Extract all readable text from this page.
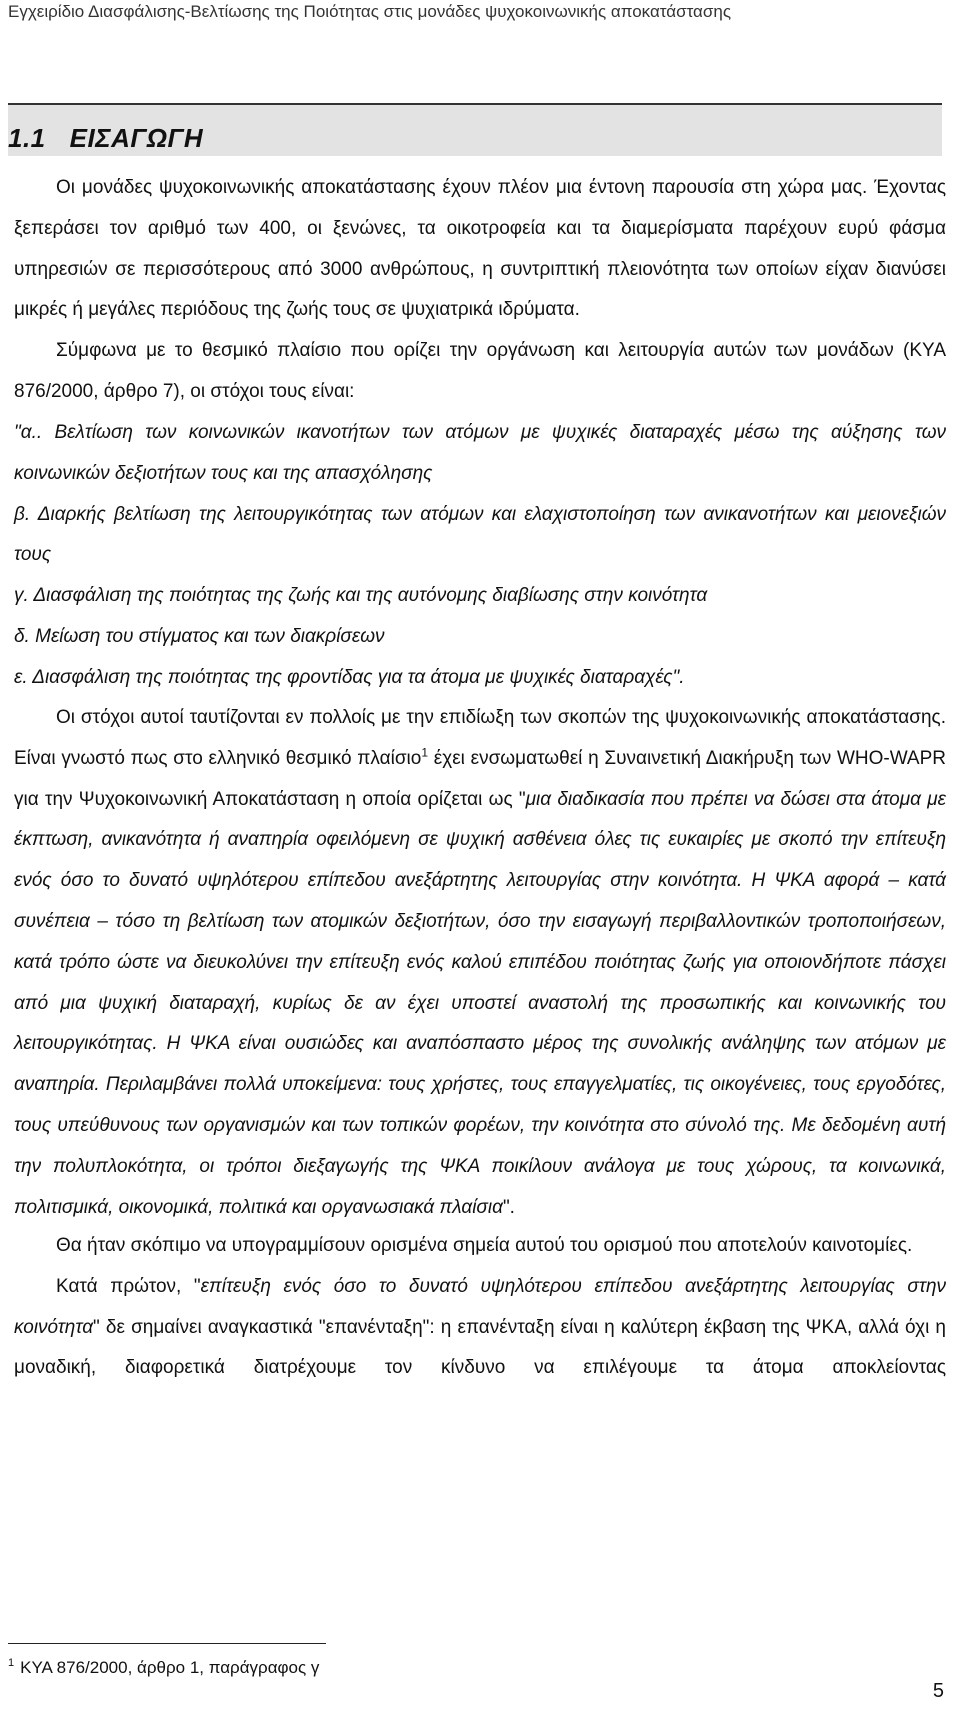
Εγχειρίδιο Διασφάλισης-Βελτίωσης της Ποιότητας στις μονάδες ψυχοκοινωνικής αποκατάστασης
1.1 ΕΙΣΑΓΩΓΗ

Οι μονάδες ψυχοκοινωνικής αποκατάστασης έχουν πλέον μια έντονη παρουσία στη χώρα μας. Έχοντας ξεπεράσει τον αριθμό των 400, οι ξενώνες, τα οικοτροφεία και τα διαμερίσματα παρέχουν ευρύ φάσμα υπηρεσιών σε περισσότερους από 3000 ανθρώπους, η συντριπτική πλειονότητα των οποίων είχαν διανύσει μικρές ή μεγάλες περιόδους της ζωής τους σε ψυχιατρικά ιδρύματα.

Σύμφωνα με το θεσμικό πλαίσιο που ορίζει την οργάνωση και λειτουργία αυτών των μονάδων (ΚΥΑ 876/2000, άρθρο 7), οι στόχοι τους είναι:

"α.. Βελτίωση των κοινωνικών ικανοτήτων των ατόμων με ψυχικές διαταραχές μέσω της αύξησης των κοινωνικών δεξιοτήτων τους και της απασχόλησης

β. Διαρκής βελτίωση της λειτουργικότητας των ατόμων και ελαχιστοποίηση των ανικανοτήτων και μειονεξιών τους

γ. Διασφάλιση της ποιότητας της ζωής και της αυτόνομης διαβίωσης στην κοινότητα

δ. Μείωση του στίγματος και των διακρίσεων

ε. Διασφάλιση της ποιότητας της φροντίδας για τα άτομα με ψυχικές διαταραχές".

Οι στόχοι αυτοί ταυτίζονται εν πολλοίς με την επιδίωξη των σκοπών της ψυχοκοινωνικής αποκατάστασης. Είναι γνωστό πως στο ελληνικό θεσμικό πλαίσιο$^1$ έχει ενσωματωθεί η Συναινετική Διακήρυξη των WHO-WAPR για την Ψυχοκοινωνική Αποκατάσταση η οποία ορίζεται ως "μια διαδικασία που πρέπει να δώσει στα άτομα με έκπτωση, ανικανότητα ή αναπηρία οφειλόμενη σε ψυχική ασθένεια όλες τις ευκαιρίες με σκοπό την επίτευξη ενός όσο το δυνατό υψηλότερου επίπεδου ανεξάρτητης λειτουργίας στην κοινότητα. Η ΨΚΑ αφορά – κατά συνέπεια – τόσο τη βελτίωση των ατομικών δεξιοτήτων, όσο την εισαγωγή περιβαλλοντικών τροποποιήσεων, κατά τρόπο ώστε να διευκολύνει την επίτευξη ενός καλού επιπέδου ποιότητας ζωής για οποιονδήποτε πάσχει από μια ψυχική διαταραχή, κυρίως δε αν έχει υποστεί αναστολή της προσωπικής και κοινωνικής του λειτουργικότητας. Η ΨΚΑ είναι ουσιώδες και αναπόσπαστο μέρος της συνολικής ανάληψης των ατόμων με αναπηρία. Περιλαμβάνει πολλά υποκείμενα: τους χρήστες, τους επαγγελματίες, τις οικογένειες, τους εργοδότες, τους υπεύθυνους των οργανισμών και των τοπικών φορέων, την κοινότητα στο σύνολό της. Με δεδομένη αυτή την πολυπλοκότητα, οι τρόποι διεξαγωγής της ΨΚΑ ποικίλουν ανάλογα με τους χώρους, τα κοινωνικά, πολιτισμικά, οικονομικά, πολιτικά και οργανωσιακά πλαίσια".

Θα ήταν σκόπιμο να υπογραμμίσουν ορισμένα σημεία αυτού του ορισμού που αποτελούν καινοτομίες.

Κατά πρώτον, "επίτευξη ενός όσο το δυνατό υψηλότερου επίπεδου ανεξάρτητης λειτουργίας στην κοινότητα" δε σημαίνει αναγκαστικά "επανένταξη": η επανένταξη είναι η καλύτερη έκβαση της ΨΚΑ, αλλά όχι η μοναδική, διαφορετικά διατρέχουμε τον κίνδυνο να επιλέγουμε τα άτομα αποκλείοντας

$^1$ ΚΥΑ 876/2000, άρθρο 1, παράγραφος γ
5
